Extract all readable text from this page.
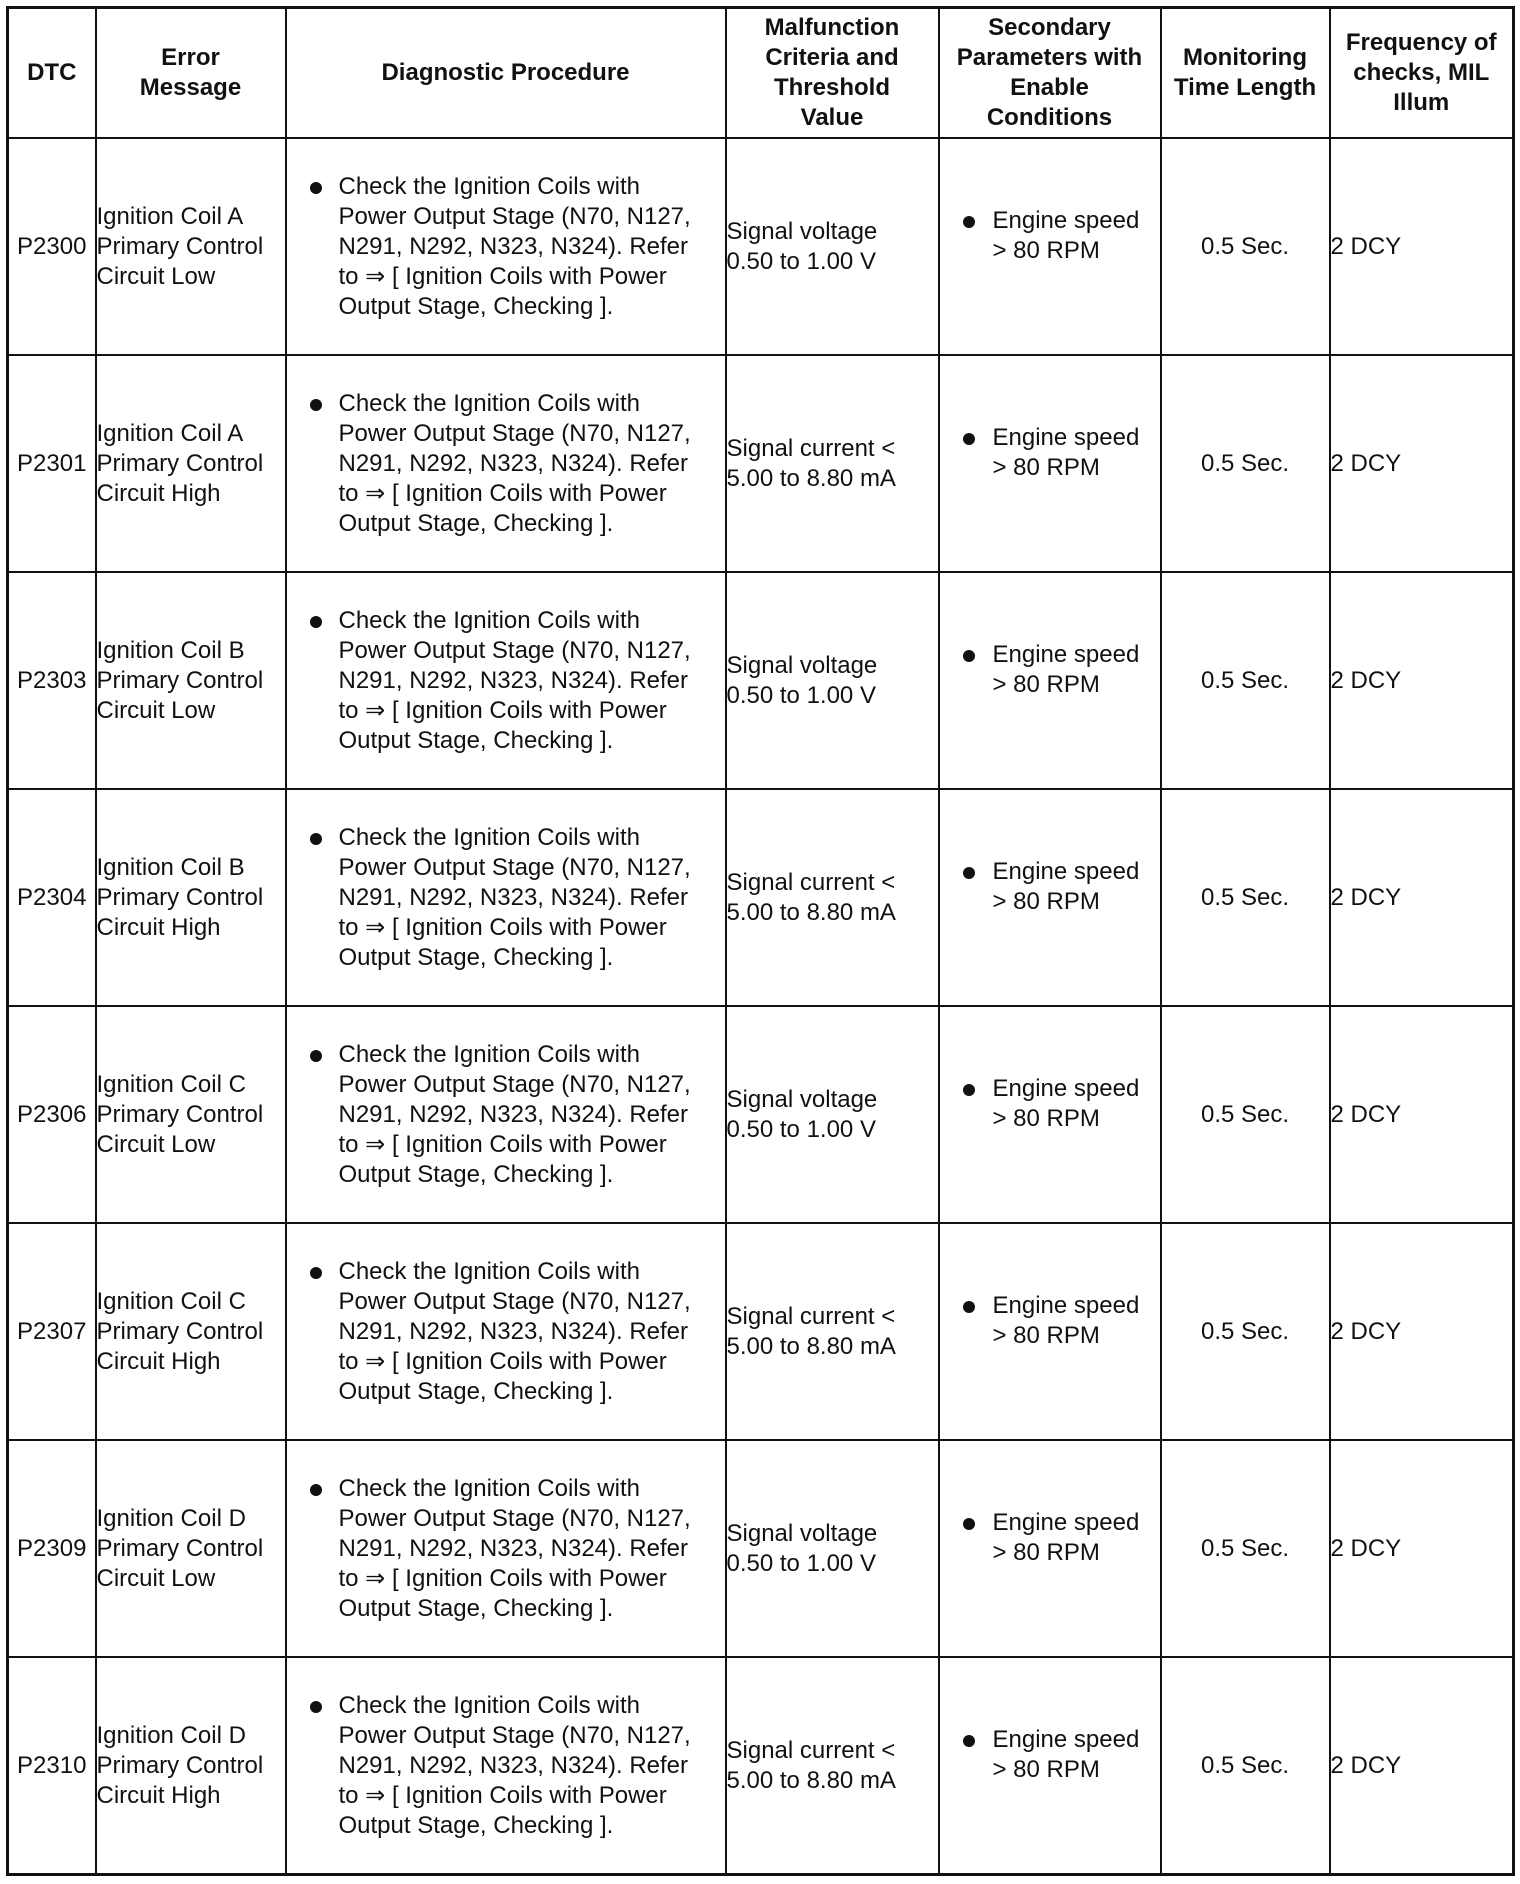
DTC	Error
Message	Diagnostic Procedure	Malfunction
Criteria and
Threshold
Value	Secondary
Parameters with
Enable
Conditions	Monitoring
Time Length	Frequency of
checks, MIL
Illum

P2300	Ignition Coil A
Primary Control
Circuit Low	Check the Ignition Coils with
Power Output Stage (N70, N127,
N291, N292, N323, N324). Refer
to ⇒ [ Ignition Coils with Power
Output Stage, Checking ].	Signal voltage
0.50 to 1.00 V	Engine speed
> 80 RPM	0.5 Sec.	2 DCY
P2301	Ignition Coil A
Primary Control
Circuit High	Check the Ignition Coils with
Power Output Stage (N70, N127,
N291, N292, N323, N324). Refer
to ⇒ [ Ignition Coils with Power
Output Stage, Checking ].	Signal current <
5.00 to 8.80 mA	Engine speed
> 80 RPM	0.5 Sec.	2 DCY
P2303	Ignition Coil B
Primary Control
Circuit Low	Check the Ignition Coils with
Power Output Stage (N70, N127,
N291, N292, N323, N324). Refer
to ⇒ [ Ignition Coils with Power
Output Stage, Checking ].	Signal voltage
0.50 to 1.00 V	Engine speed
> 80 RPM	0.5 Sec.	2 DCY
P2304	Ignition Coil B
Primary Control
Circuit High	Check the Ignition Coils with
Power Output Stage (N70, N127,
N291, N292, N323, N324). Refer
to ⇒ [ Ignition Coils with Power
Output Stage, Checking ].	Signal current <
5.00 to 8.80 mA	Engine speed
> 80 RPM	0.5 Sec.	2 DCY
P2306	Ignition Coil C
Primary Control
Circuit Low	Check the Ignition Coils with
Power Output Stage (N70, N127,
N291, N292, N323, N324). Refer
to ⇒ [ Ignition Coils with Power
Output Stage, Checking ].	Signal voltage
0.50 to 1.00 V	Engine speed
> 80 RPM	0.5 Sec.	2 DCY
P2307	Ignition Coil C
Primary Control
Circuit High	Check the Ignition Coils with
Power Output Stage (N70, N127,
N291, N292, N323, N324). Refer
to ⇒ [ Ignition Coils with Power
Output Stage, Checking ].	Signal current <
5.00 to 8.80 mA	Engine speed
> 80 RPM	0.5 Sec.	2 DCY
P2309	Ignition Coil D
Primary Control
Circuit Low	Check the Ignition Coils with
Power Output Stage (N70, N127,
N291, N292, N323, N324). Refer
to ⇒ [ Ignition Coils with Power
Output Stage, Checking ].	Signal voltage
0.50 to 1.00 V	Engine speed
> 80 RPM	0.5 Sec.	2 DCY
P2310	Ignition Coil D
Primary Control
Circuit High	Check the Ignition Coils with
Power Output Stage (N70, N127,
N291, N292, N323, N324). Refer
to ⇒ [ Ignition Coils with Power
Output Stage, Checking ].	Signal current <
5.00 to 8.80 mA	Engine speed
> 80 RPM	0.5 Sec.	2 DCY
